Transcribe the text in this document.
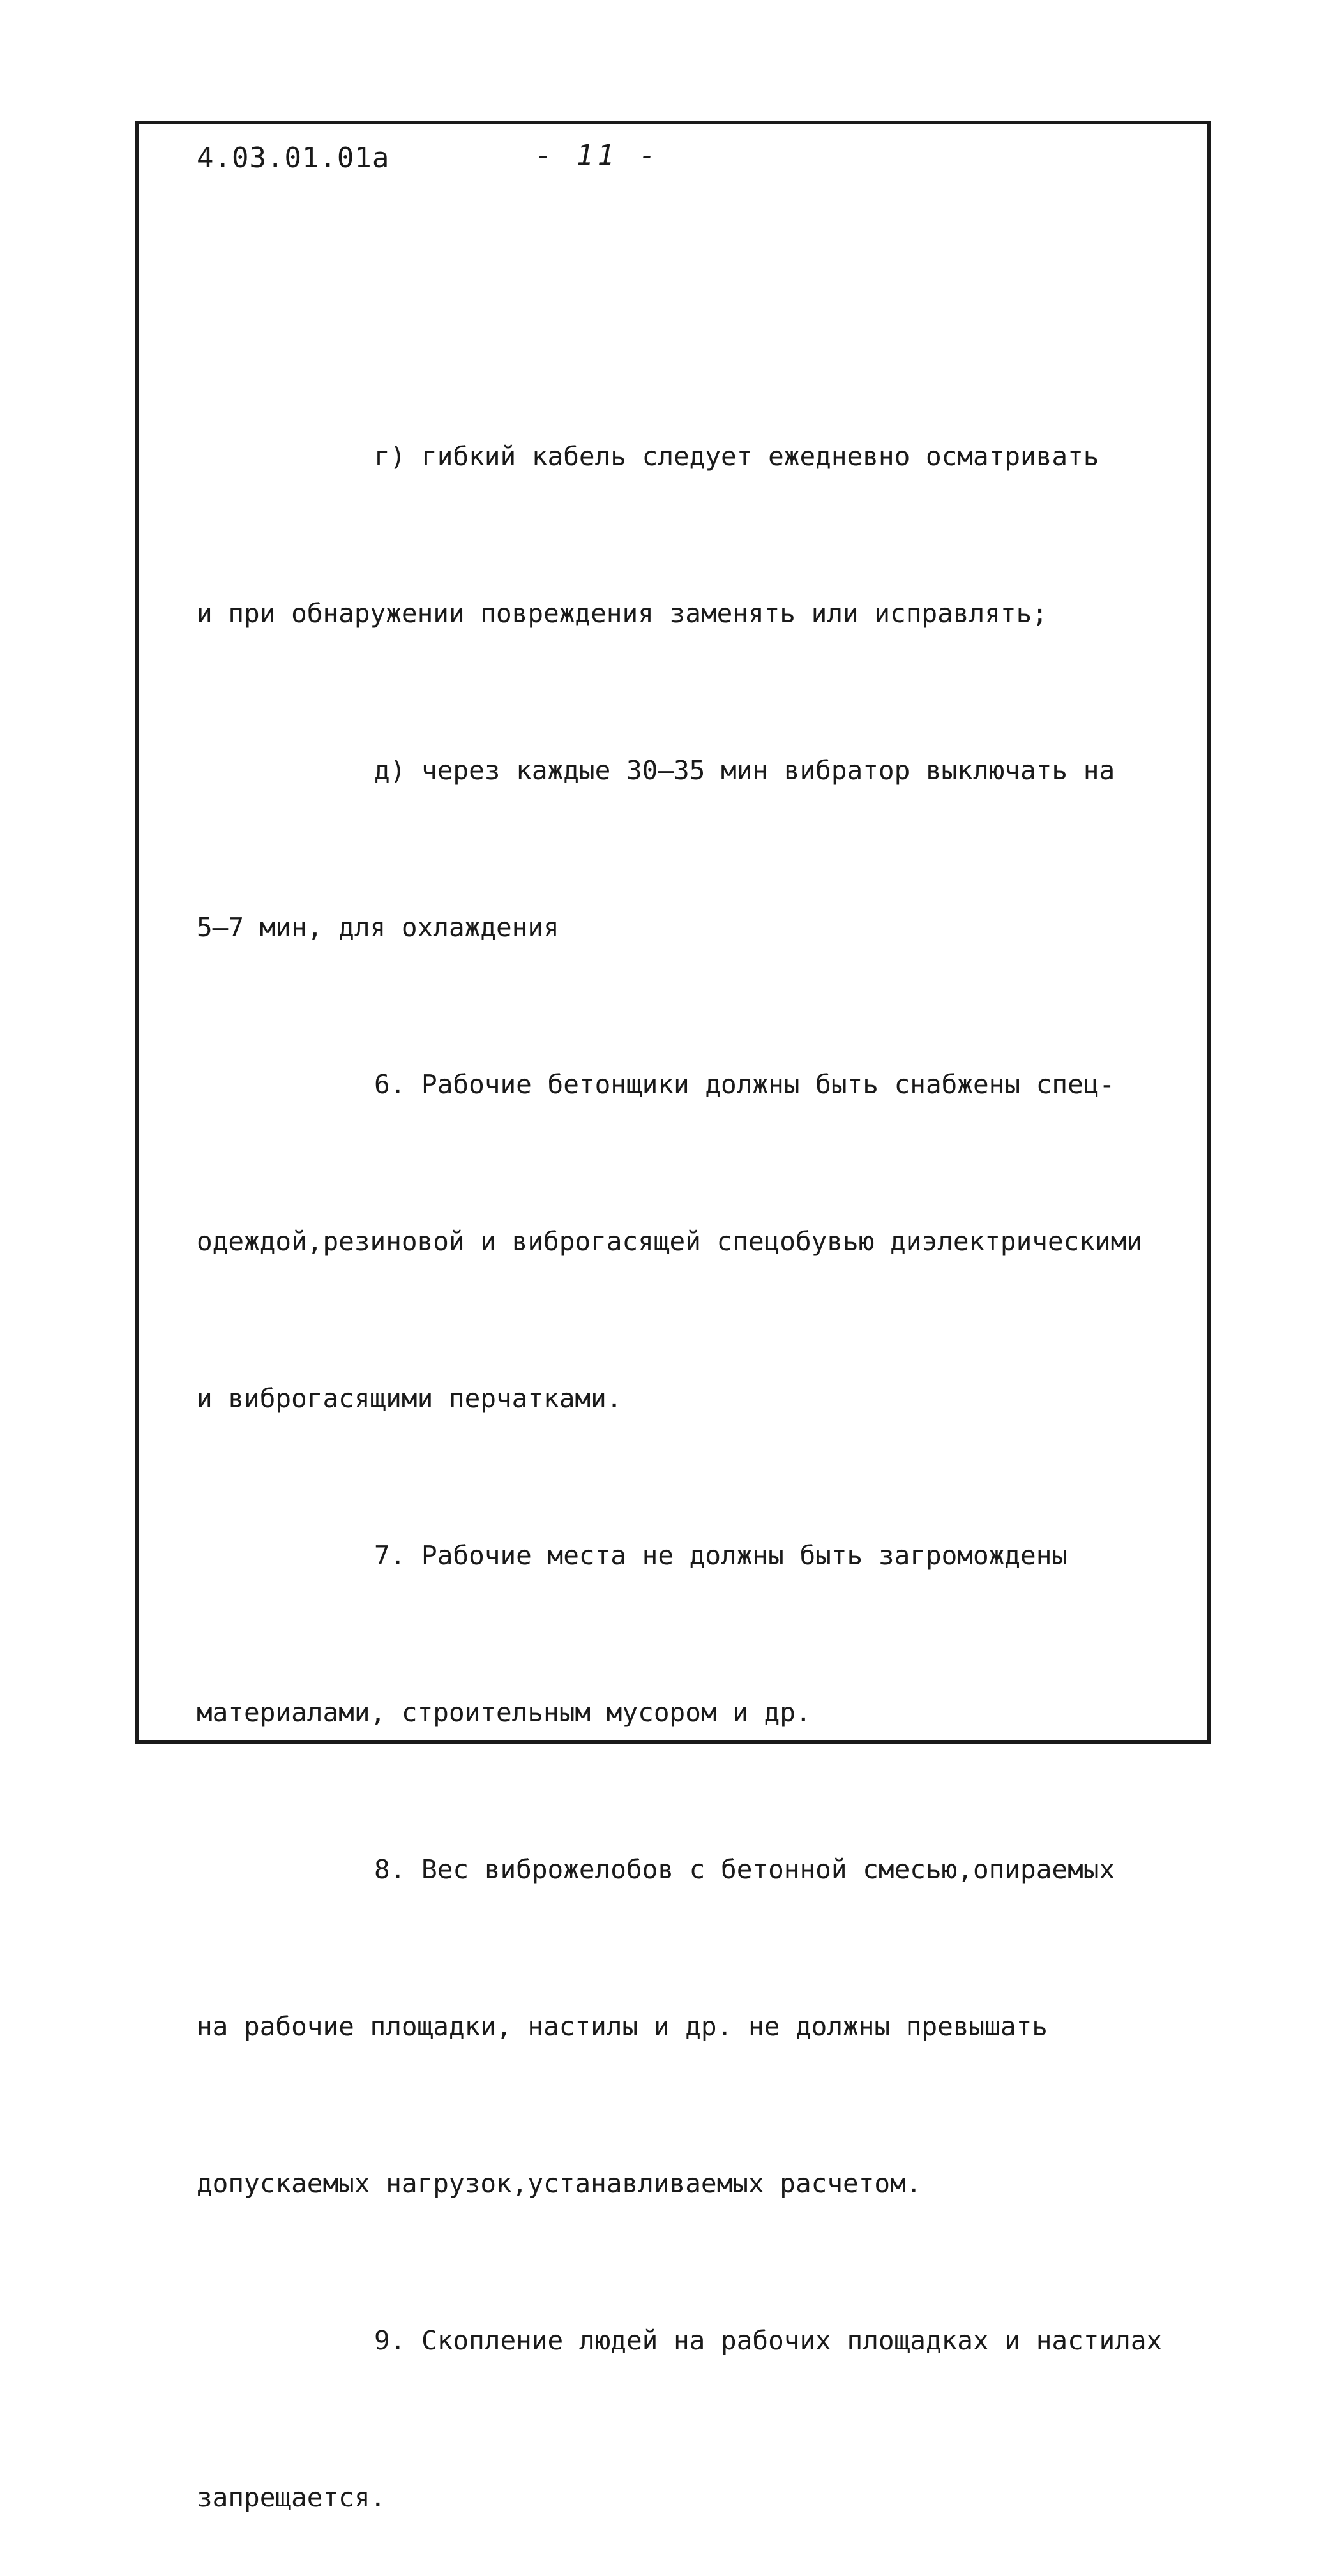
4.03.01.01а	- 11 -

г) гибкий кабель следует ежедневно осматривать

и при обнаружении повреждения заменять или исправлять;

д) через каждые 30–35 мин вибратор выключать на

5–7 мин, для охлаждения

6. Рабочие бетонщики должны быть снабжены спец-

одеждой,резиновой и виброгасящей спецобувью диэлектрическими

и виброгасящими перчатками.

7. Рабочие места не должны быть загромождены

материалами, строительным мусором и др.

8. Вес виброжелобов с бетонной смесью,опираемых

на рабочие площадки, настилы и др. не должны превышать

допускаемых нагрузок,устанавливаемых расчетом.

9. Скопление людей на рабочих площадках и настилах

запрещается.
